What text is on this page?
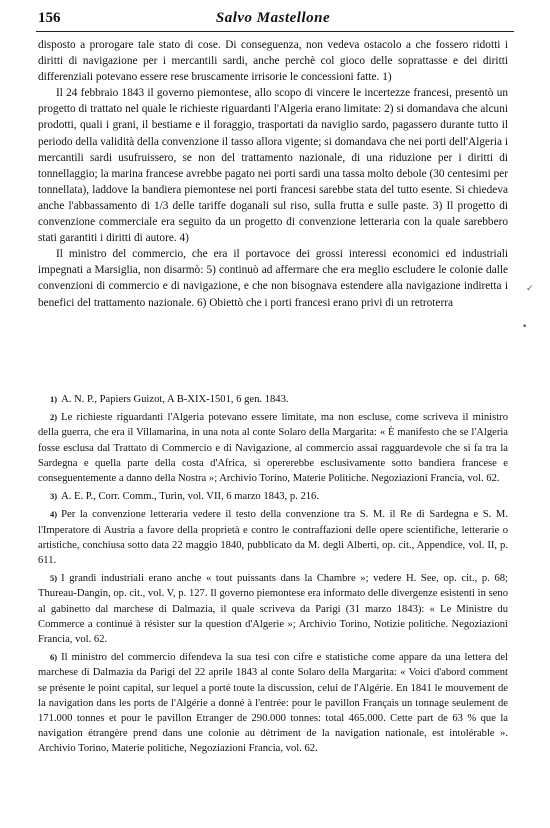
156	Salvo Mastellone

disposto a prorogare tale stato di cose. Di conseguenza, non vedeva ostacolo a che fossero ridotti i diritti di navigazione per i mercantili sardi, anche perchè col gioco delle soprattasse e dei diritti differenziali potevano essere rese bruscamente irrisorie le concessioni fatte. 1)

Il 24 febbraio 1843 il governo piemontese, allo scopo di vincere le incertezze francesi, presentò un progetto di trattato nel quale le richieste riguardanti l'Algeria erano limitate: 2) si domandava che alcuni prodotti, quali i grani, il bestiame e il foraggio, trasportati da naviglio sardo, pagassero durante tutto il periodo della validità della convenzione il tasso allora vigente; si domandava che nei porti dell'Algeria i mercantili sardi usufruissero, se non del trattamento nazionale, di una riduzione per i diritti di tonnellaggio; la marina francese avrebbe pagato nei porti sardi una tassa molto debole (30 centesimi per tonnellata), laddove la bandiera piemontese nei porti francesi sarebbe stata del tutto esente. Si chiedeva anche l'abbassamento di 1/3 delle tariffe doganali sul riso, sulla frutta e sulle paste. 3) Il progetto di convenzione commerciale era seguito da un progetto di convenzione letteraria con la quale sarebbero stati garantiti i diritti di autore. 4)

Il ministro del commercio, che era il portavoce dei grossi interessi economici ed industriali impegnati a Marsiglia, non disarmò: 5) continuò ad affermare che era meglio escludere le colonie dalle convenzioni di commercio e di navigazione, e che non bisognava estendere alla navigazione indiretta i benefici del trattamento nazionale. 6) Obiettò che i porti francesi erano privi di un retroterra

✓
•

1) A. N. P., Papiers Guizot, A B-XIX-1501, 6 gen. 1843.

2) Le richieste riguardanti l'Algeria potevano essere limitate, ma non escluse, come scriveva il ministro della guerra, che era il Villamarina, in una nota al conte Solaro della Margarita: « È manifesto che se l'Algeria fosse esclusa dal Trattato di Commercio e di Navigazione, al commercio assai ragguardevole che si fa tra la Sardegna e quella parte della costa d'Africa, si opererebbe esclusivamente sotto bandiera francese e conseguentemente a danno della Nostra »; Archivio Torino, Materie Politiche. Negoziazioni Francia, vol. 62.

3) A. E. P., Corr. Comm., Turin, vol. VII, 6 marzo 1843, p. 216.

4) Per la convenzione letteraria vedere il testo della convenzione tra S. M. il Re di Sardegna e S. M. l'Imperatore di Austria a favore della proprietà e contro le contraffazioni delle opere scientifiche, letterarie o artistiche, conchiusa sotto data 22 maggio 1840, pubblicato da M. degli Alberti, op. cit., Appendice, vol. II, p. 611.

5) I grandi industriali erano anche « tout puissants dans la Chambre »; vedere H. See, op. cit., p. 68; Thureau-Dangin, op. cit., vol. V, p. 127. Il governo piemontese era informato delle divergenze esistenti in seno al gabinetto dal marchese di Dalmazia, il quale scriveva da Parigi (31 marzo 1843): « Le Ministre du Commerce a continué à résister sur la question d'Algerie »; Archivio Torino, Notizie politiche. Negoziazioni Francia, vol. 62.

6) Il ministro del commercio difendeva la sua tesi con cifre e statistiche come appare da una lettera del marchese di Dalmazia da Parigi del 22 aprile 1843 al conte Solaro della Margarita: « Voici d'abord comment se présente le point capital, sur lequel a porté toute la discussion, celui de l'Algérie. En 1841 le mouvement de la navigation dans les ports de l'Algérie a donné à l'entrée: pour le pavillon Français un tonnage seulement de 171.000 tonnes et pour le pavillon Etranger de 290.000 tonnes: total 465.000. Cette part de 63 % que la navigation étrangère prend dans une colonie au détriment de la navigation nationale, est intolérable ». Archivio Torino, Materie politiche, Negoziazioni Francia, vol. 62.
